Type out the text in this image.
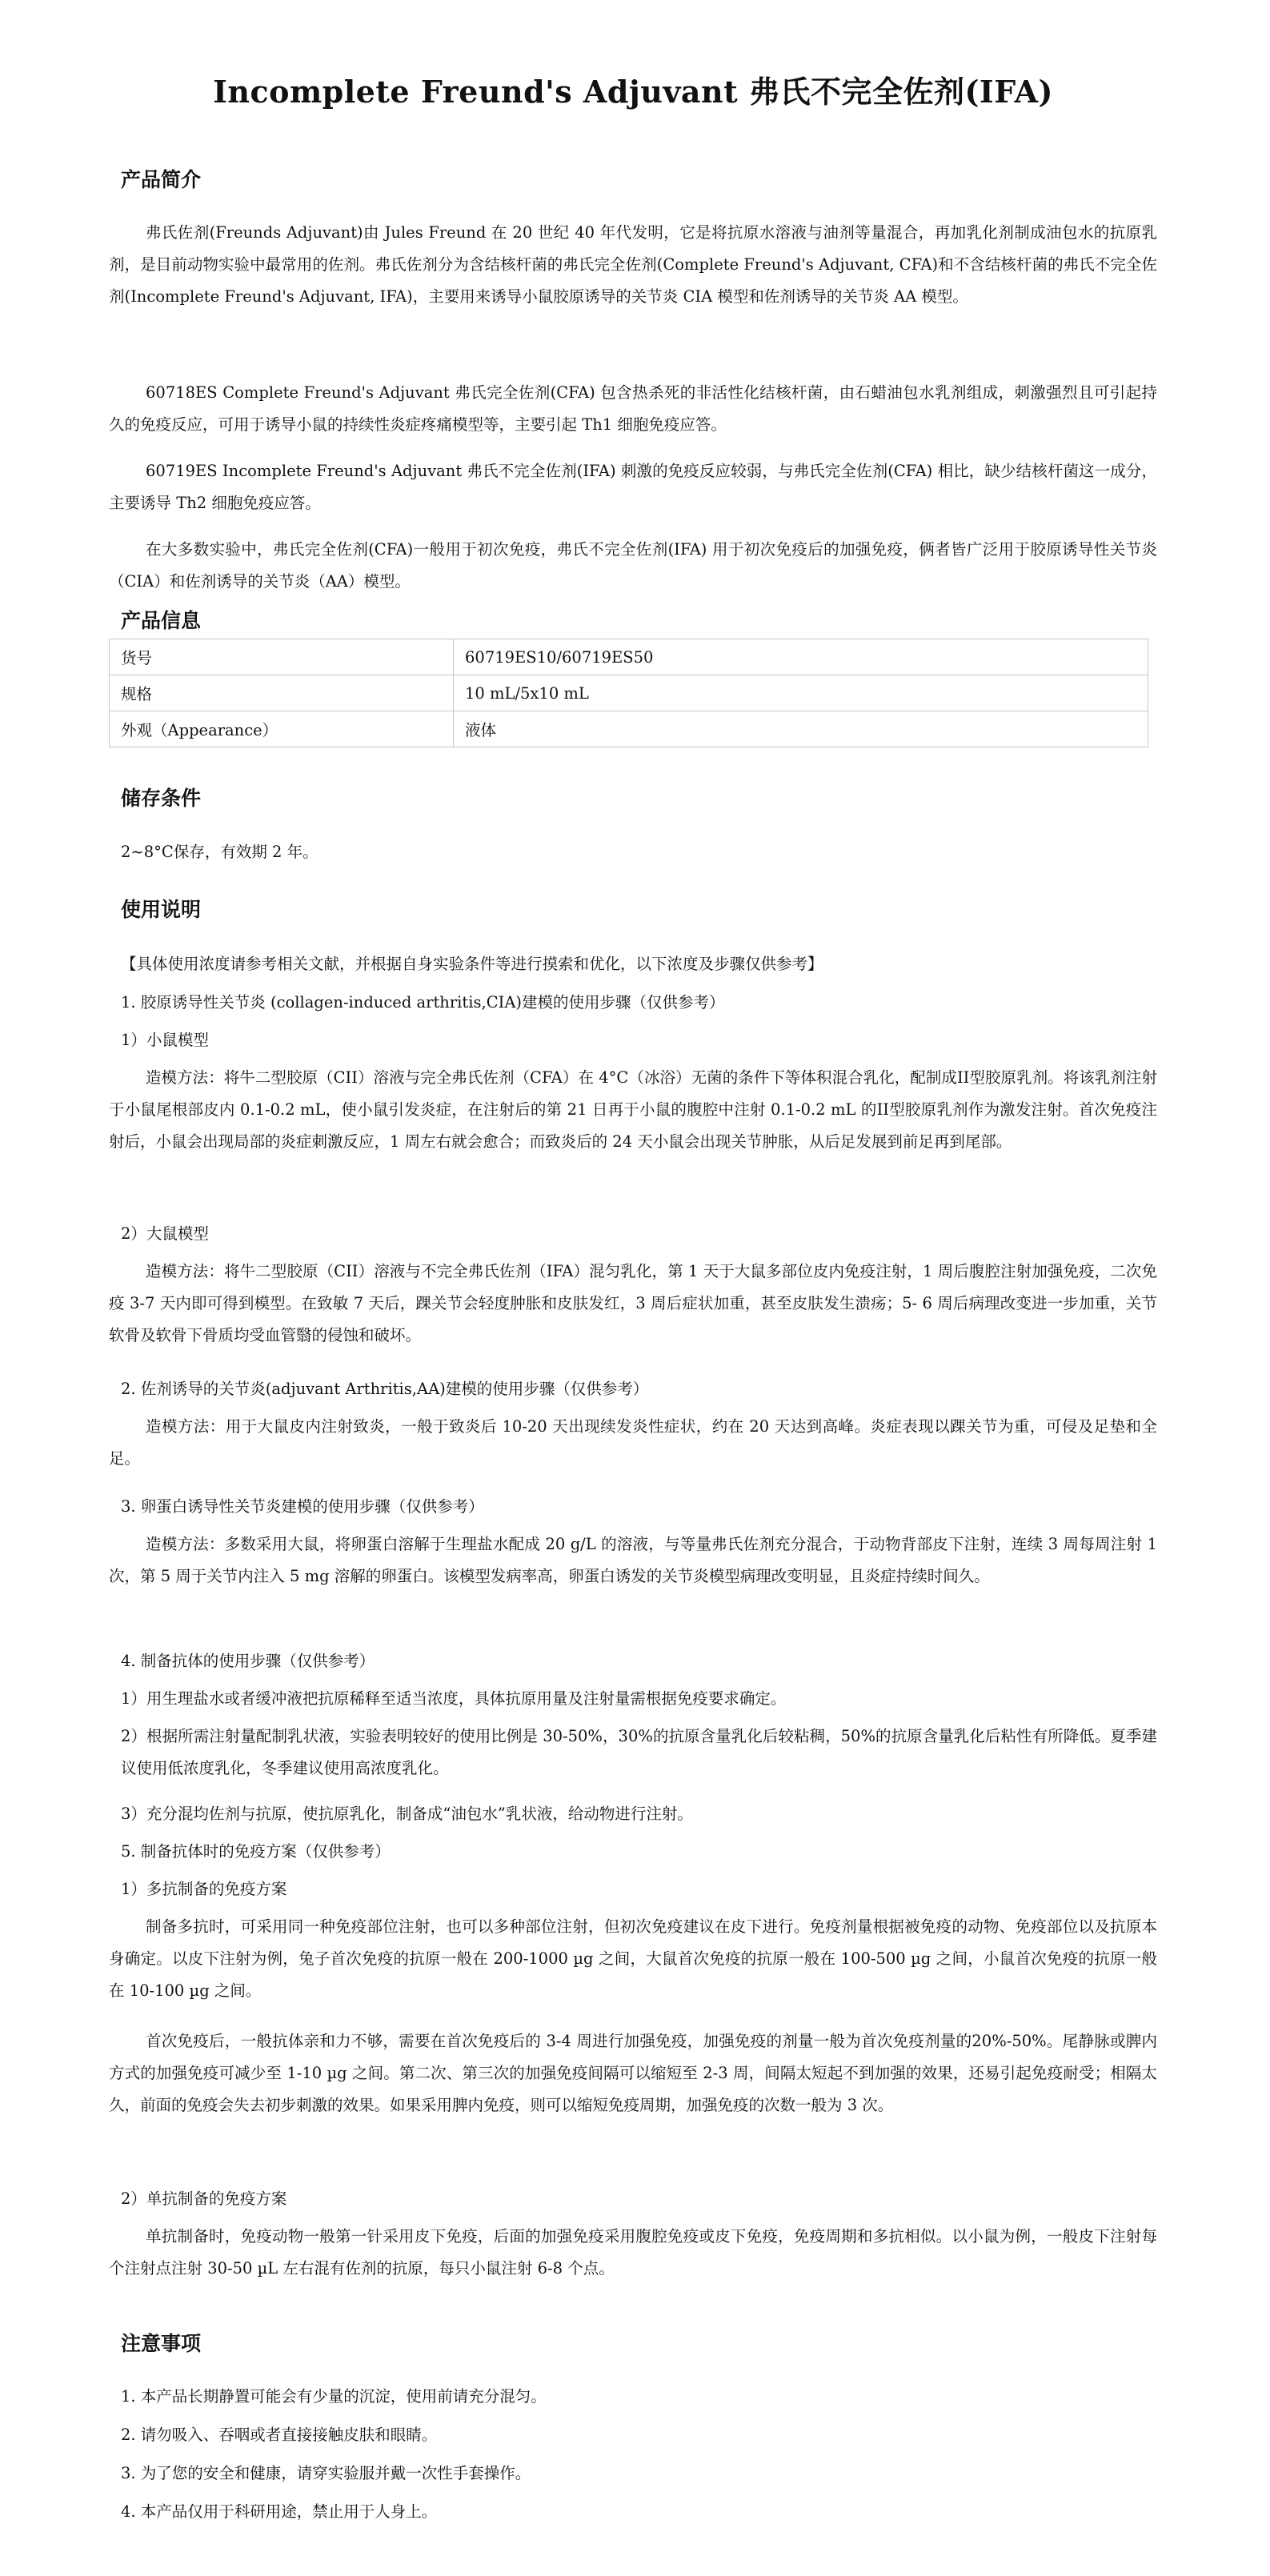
Incomplete Freund's Adjuvant 弗氏不完全佐剂(IFA)
产品简介
弗氏佐剂(Freunds Adjuvant)由 Jules Freund 在 20 世纪 40 年代发明，它是将抗原水溶液与油剂等量混合，再加乳化剂制成油包水的抗原乳剂，是目前动物实验中最常用的佐剂。弗氏佐剂分为含结核杆菌的弗氏完全佐剂(Complete Freund's Adjuvant, CFA)和不含结核杆菌的弗氏不完全佐剂(Incomplete Freund's Adjuvant, IFA)，主要用来诱导小鼠胶原诱导的关节炎 CIA 模型和佐剂诱导的关节炎 AA 模型。
60718ES Complete Freund's Adjuvant 弗氏完全佐剂(CFA) 包含热杀死的非活性化结核杆菌，由石蜡油包水乳剂组成，刺激强烈且可引起持久的免疫反应，可用于诱导小鼠的持续性炎症疼痛模型等，主要引起 Th1 细胞免疫应答。
60719ES Incomplete Freund's Adjuvant 弗氏不完全佐剂(IFA) 刺激的免疫反应较弱，与弗氏完全佐剂(CFA) 相比，缺少结核杆菌这一成分，主要诱导 Th2 细胞免疫应答。
在大多数实验中，弗氏完全佐剂(CFA)一般用于初次免疫，弗氏不完全佐剂(IFA) 用于初次免疫后的加强免疫，俩者皆广泛用于胶原诱导性关节炎（CIA）和佐剂诱导的关节炎（AA）模型。
产品信息
货号	60719ES10/60719ES50
规格	10 mL/5x10 mL
外观（Appearance）	液体
储存条件
2~8°C保存，有效期 2 年。
使用说明
【具体使用浓度请参考相关文献，并根据自身实验条件等进行摸索和优化，以下浓度及步骤仅供参考】
1. 胶原诱导性关节炎 (collagen-induced arthritis,CIA)建模的使用步骤（仅供参考）
1）小鼠模型
造模方法：将牛二型胶原（CII）溶液与完全弗氏佐剂（CFA）在 4°C（冰浴）无菌的条件下等体积混合乳化，配制成II型胶原乳剂。将该乳剂注射于小鼠尾根部皮内 0.1-0.2 mL，使小鼠引发炎症，在注射后的第 21 日再于小鼠的腹腔中注射 0.1-0.2 mL 的II型胶原乳剂作为激发注射。首次免疫注射后，小鼠会出现局部的炎症刺激反应，1 周左右就会愈合；而致炎后的 24 天小鼠会出现关节肿胀，从后足发展到前足再到尾部。
2）大鼠模型
造模方法：将牛二型胶原（CII）溶液与不完全弗氏佐剂（IFA）混匀乳化，第 1 天于大鼠多部位皮内免疫注射，1 周后腹腔注射加强免疫，二次免疫 3-7 天内即可得到模型。在致敏 7 天后，踝关节会轻度肿胀和皮肤发红，3 周后症状加重，甚至皮肤发生溃疡；5- 6 周后病理改变进一步加重，关节软骨及软骨下骨质均受血管翳的侵蚀和破坏。
2. 佐剂诱导的关节炎(adjuvant Arthritis,AA)建模的使用步骤（仅供参考）
造模方法：用于大鼠皮内注射致炎，一般于致炎后 10-20 天出现续发炎性症状，约在 20 天达到高峰。炎症表现以踝关节为重，可侵及足垫和全足。
3. 卵蛋白诱导性关节炎建模的使用步骤（仅供参考）
造模方法：多数采用大鼠，将卵蛋白溶解于生理盐水配成 20 g/L 的溶液，与等量弗氏佐剂充分混合，于动物背部皮下注射，连续 3 周每周注射 1 次，第 5 周于关节内注入 5 mg 溶解的卵蛋白。该模型发病率高，卵蛋白诱发的关节炎模型病理改变明显，且炎症持续时间久。
4. 制备抗体的使用步骤（仅供参考）
1）用生理盐水或者缓冲液把抗原稀释至适当浓度，具体抗原用量及注射量需根据免疫要求确定。
2）根据所需注射量配制乳状液，实验表明较好的使用比例是 30-50%，30%的抗原含量乳化后较粘稠，50%的抗原含量乳化后粘性有所降低。夏季建议使用低浓度乳化，冬季建议使用高浓度乳化。
3）充分混均佐剂与抗原，使抗原乳化，制备成“油包水”乳状液，给动物进行注射。
5. 制备抗体时的免疫方案（仅供参考）
1）多抗制备的免疫方案
制备多抗时，可采用同一种免疫部位注射，也可以多种部位注射，但初次免疫建议在皮下进行。免疫剂量根据被免疫的动物、免疫部位以及抗原本身确定。以皮下注射为例，兔子首次免疫的抗原一般在 200-1000 µg 之间，大鼠首次免疫的抗原一般在 100-500 µg 之间，小鼠首次免疫的抗原一般在 10-100 µg 之间。
首次免疫后，一般抗体亲和力不够，需要在首次免疫后的 3-4 周进行加强免疫，加强免疫的剂量一般为首次免疫剂量的20%-50%。尾静脉或脾内方式的加强免疫可减少至 1-10 µg 之间。第二次、第三次的加强免疫间隔可以缩短至 2-3 周，间隔太短起不到加强的效果，还易引起免疫耐受；相隔太久，前面的免疫会失去初步刺激的效果。如果采用脾内免疫，则可以缩短免疫周期，加强免疫的次数一般为 3 次。
2）单抗制备的免疫方案
单抗制备时，免疫动物一般第一针采用皮下免疫，后面的加强免疫采用腹腔免疫或皮下免疫，免疫周期和多抗相似。以小鼠为例，一般皮下注射每个注射点注射 30-50 µL 左右混有佐剂的抗原，每只小鼠注射 6-8 个点。
注意事项
1. 本产品长期静置可能会有少量的沉淀，使用前请充分混匀。
2. 请勿吸入、吞咽或者直接接触皮肤和眼睛。
3. 为了您的安全和健康，请穿实验服并戴一次性手套操作。
4. 本产品仅用于科研用途，禁止用于人身上。
